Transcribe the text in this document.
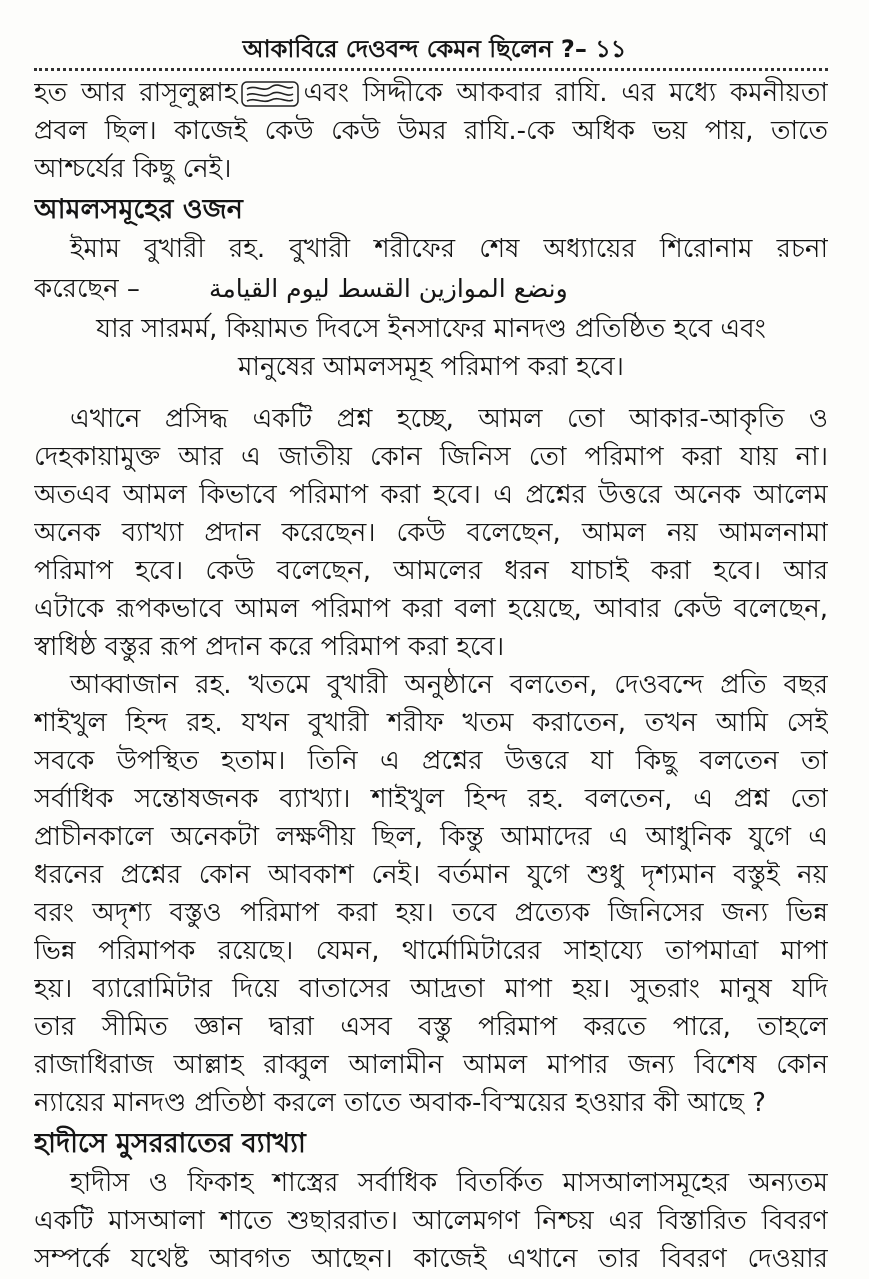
আকাবিরে দেওবন্দ কেমন ছিলেন ?– ১১
হত আর রাসূলুল্লাহ	এবং সিদ্দীকে আকবার রাযি. এর মধ্যে কমনীয়তা
প্রবল ছিল। কাজেই কেউ কেউ উমর রাযি.-কে অধিক ভয় পায়, তাতে
আশ্চর্যের কিছু নেই।
আমলসমূহের ওজন
ইমাম বুখারী রহ. বুখারী শরীফের শেষ অধ্যায়ের শিরোনাম রচনা
করেছেন –	ونضع الموازين القسط ليوم القيامة
যার সারমর্ম, কিয়ামত দিবসে ইনসাফের মানদণ্ড প্রতিষ্ঠিত হবে এবং
মানুষের আমলসমূহ পরিমাপ করা হবে।
এখানে প্রসিদ্ধ একটি প্রশ্ন হচ্ছে, আমল তো আকার-আকৃতি ও
দেহকায়ামুক্ত আর এ জাতীয় কোন জিনিস তো পরিমাপ করা যায় না।
অতএব আমল কিভাবে পরিমাপ করা হবে। এ প্রশ্নের উত্তরে অনেক আলেম
অনেক ব্যাখ্যা প্রদান করেছেন। কেউ বলেছেন, আমল নয় আমলনামা
পরিমাপ হবে। কেউ বলেছেন, আমলের ধরন যাচাই করা হবে। আর
এটাকে রূপকভাবে আমল পরিমাপ করা বলা হয়েছে, আবার কেউ বলেছেন,
স্বাধিষ্ঠ বস্তুর রূপ প্রদান করে পরিমাপ করা হবে।
আব্বাজান রহ. খতমে বুখারী অনুষ্ঠানে বলতেন, দেওবন্দে প্রতি বছর
শাইখুল হিন্দ রহ. যখন বুখারী শরীফ খতম করাতেন, তখন আমি সেই
সবকে উপস্থিত হতাম। তিনি এ প্রশ্নের উত্তরে যা কিছু বলতেন তা
সর্বাধিক সন্তোষজনক ব্যাখ্যা। শাইখুল হিন্দ রহ. বলতেন, এ প্রশ্ন তো
প্রাচীনকালে অনেকটা লক্ষণীয় ছিল, কিন্তু আমাদের এ আধুনিক যুগে এ
ধরনের প্রশ্নের কোন আবকাশ নেই। বর্তমান যুগে শুধু দৃশ্যমান বস্তুই নয়
বরং অদৃশ্য বস্তুও পরিমাপ করা হয়। তবে প্রত্যেক জিনিসের জন্য ভিন্ন
ভিন্ন পরিমাপক রয়েছে। যেমন, থার্মোমিটারের সাহায্যে তাপমাত্রা মাপা
হয়। ব্যারোমিটার দিয়ে বাতাসের আদ্রতা মাপা হয়। সুতরাং মানুষ যদি
তার সীমিত জ্ঞান দ্বারা এসব বস্তু পরিমাপ করতে পারে, তাহলে
রাজাধিরাজ আল্লাহ রাব্বুল আলামীন আমল মাপার জন্য বিশেষ কোন
ন্যায়ের মানদণ্ড প্রতিষ্ঠা করলে তাতে অবাক-বিস্ময়ের হওয়ার কী আছে ?
হাদীসে মুসররাতের ব্যাখ্যা
হাদীস ও ফিকাহ শাস্ত্রের সর্বাধিক বিতর্কিত মাসআলাসমূহের অন্যতম
একটি মাসআলা শাতে শুছাররাত। আলেমগণ নিশ্চয় এর বিস্তারিত বিবরণ
সম্পর্কে যথেষ্ট আবগত আছেন। কাজেই এখানে তার বিবরণ দেওয়ার
